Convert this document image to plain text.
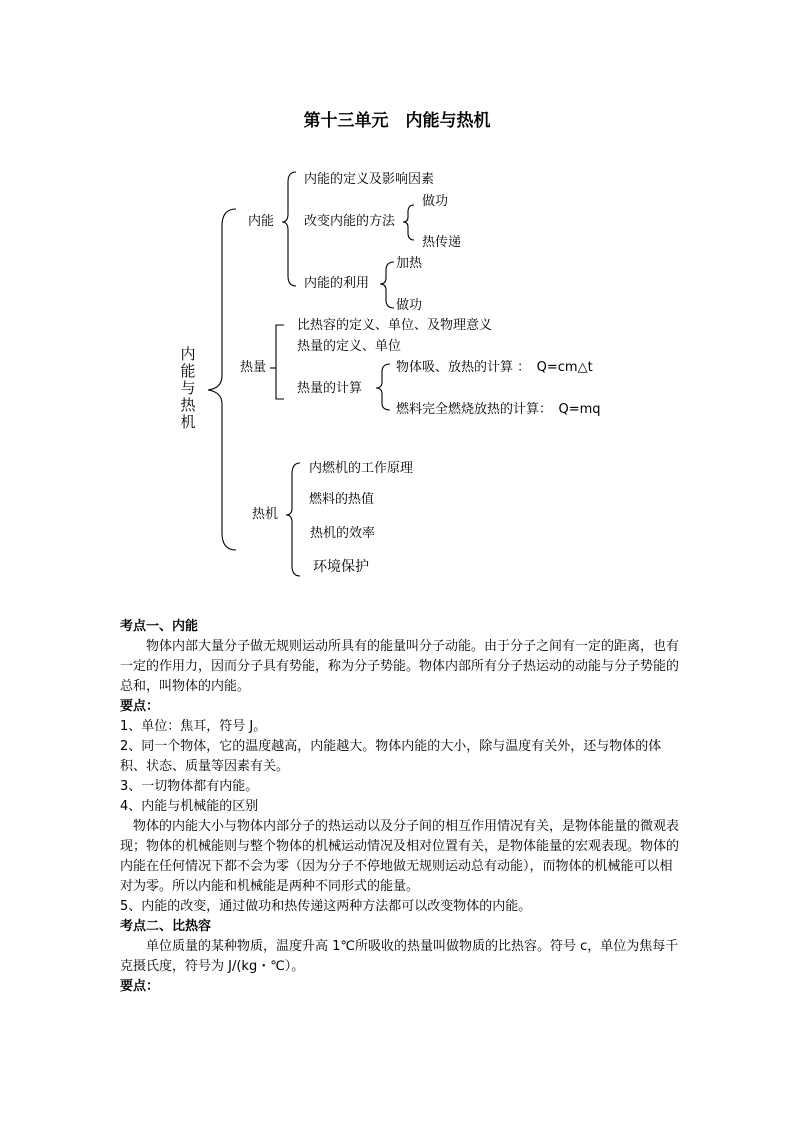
第十三单元　内能与热机
内能与热机
内能
内能的定义及影响因素
改变内能的方法
做功
热传递
内能的利用
加热
做功
热量
比热容的定义、单位、及物理意义
热量的定义、单位
热量的计算
物体吸、放热的计算 ：　Q=cm△t
燃料完全燃烧放热的计算：　Q=mq
热机
内燃机的工作原理
燃料的热值
热机的效率
环境保护

考点一、内能

物体内部大量分子做无规则运动所具有的能量叫分子动能。由于分子之间有一定的距离，也有一定的作用力，因而分子具有势能，称为分子势能。物体内部所有分子热运动的动能与分子势能的总和，叫物体的内能。

要点：

1、单位：焦耳，符号 J。

2、同一个物体，它的温度越高，内能越大。物体内能的大小，除与温度有关外，还与物体的体积、状态、质量等因素有关。

3、一切物体都有内能。

4、内能与机械能的区别

物体的内能大小与物体内部分子的热运动以及分子间的相互作用情况有关，是物体能量的微观表现；物体的机械能则与整个物体的机械运动情况及相对位置有关，是物体能量的宏观表现。物体的内能在任何情况下都不会为零（因为分子不停地做无规则运动总有动能），而物体的机械能可以相对为零。所以内能和机械能是两种不同形式的能量。

5、内能的改变，通过做功和热传递这两种方法都可以改变物体的内能。

考点二、比热容

单位质量的某种物质，温度升高 1℃所吸收的热量叫做物质的比热容。符号 c，单位为焦每千克摄氏度，符号为 J/(kg・℃）。

要点：
